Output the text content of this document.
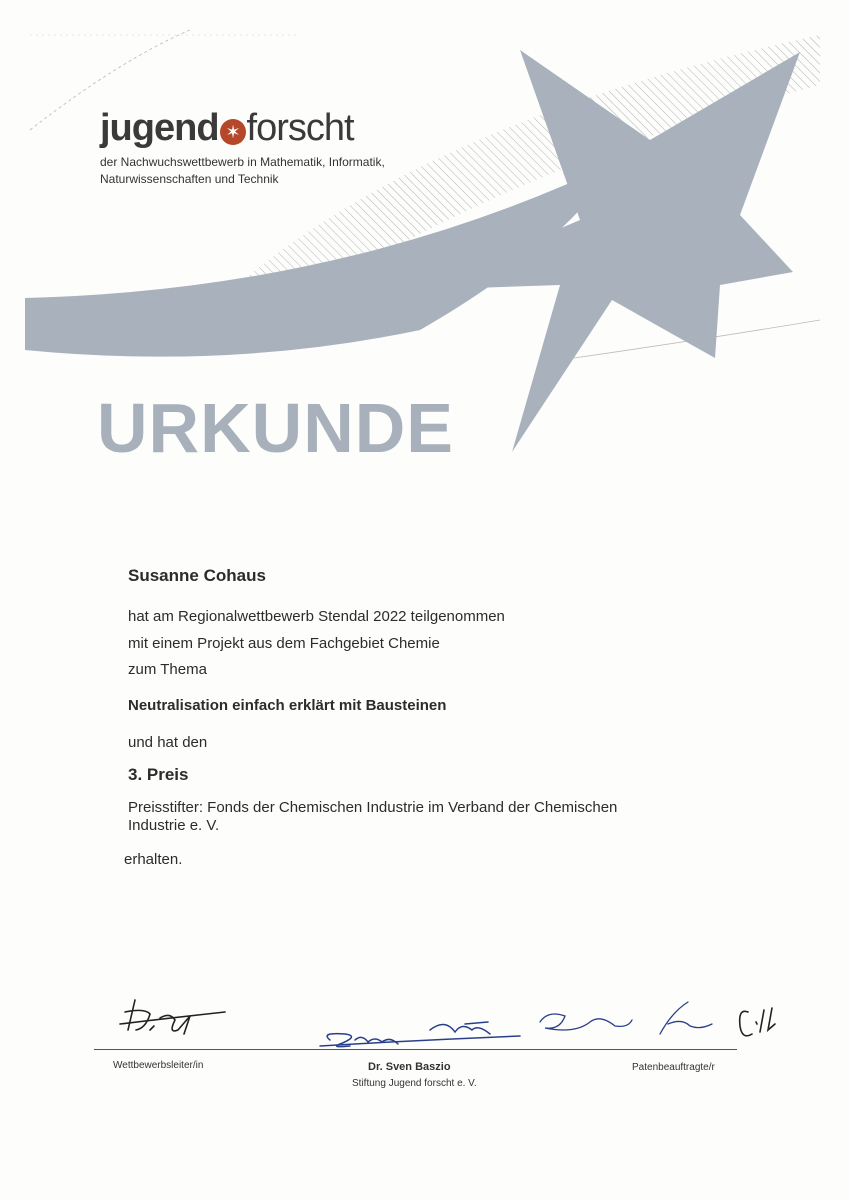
jugend ✶ forscht
der Nachwuchswettbewerb in Mathematik, Informatik,
Naturwissenschaften und Technik
URKUNDE
Susanne Cohaus
hat am Regionalwettbewerb Stendal 2022 teilgenommen
mit einem Projekt aus dem Fachgebiet Chemie
zum Thema
Neutralisation einfach erklärt mit Bausteinen
und hat den
3. Preis
Preisstifter: Fonds der Chemischen Industrie im Verband der Chemischen
Industrie e. V.
erhalten.
Wettbewerbsleiter/in	Dr. Sven Baszio
Stiftung Jugend forscht e. V.
Patenbeauftragte/r
